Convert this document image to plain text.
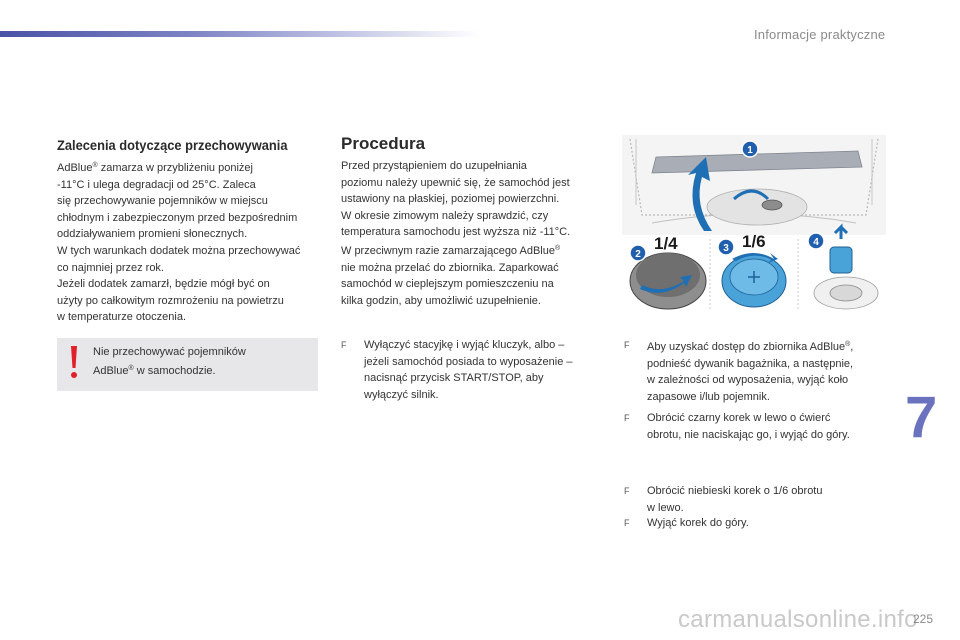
Informacje praktyczne
Zalecenia dotyczące przechowywania
AdBlue® zamarza w przybliżeniu poniżej
-11°C i ulega degradacji od 25°C. Zaleca
się przechowywanie pojemników w miejscu
chłodnym i zabezpieczonym przed bezpośrednim
oddziaływaniem promieni słonecznych.
W tych warunkach dodatek można przechowywać
co najmniej przez rok.
Jeżeli dodatek zamarzł, będzie mógł być on
użyty po całkowitym rozmrożeniu na powietrzu
w temperaturze otoczenia.
Nie przechowywać pojemników
AdBlue® w samochodzie.
Procedura
Przed przystąpieniem do uzupełniania
poziomu należy upewnić się, że samochód jest
ustawiony na płaskiej, poziomej powierzchni.
W okresie zimowym należy sprawdzić, czy
temperatura samochodu jest wyższa niż -11°C.
W przeciwnym razie zamarzającego AdBlue®
nie można przelać do zbiornika. Zaparkować
samochód w cieplejszym pomieszczeniu na
kilka godzin, aby umożliwić uzupełnienie.
F Wyłączyć stacyjkę i wyjąć kluczyk, albo –
jeżeli samochód posiada to wyposażenie –
nacisnąć przycisk START/STOP, aby
wyłączyć silnik.
F Aby uzyskać dostęp do zbiornika AdBlue®,
podnieść dywanik bagażnika, a następnie,
w zależności od wyposażenia, wyjąć koło
zapasowe i/lub pojemnik.
F Obrócić czarny korek w lewo o ćwierć
obrotu, nie naciskając go, i wyjąć do góry.
F Obrócić niebieski korek o 1/6 obrotu
w lewo.
F Wyjąć korek do góry.
1
2
3
4
1/4	1/6
7
carmanualsonline.info
225
